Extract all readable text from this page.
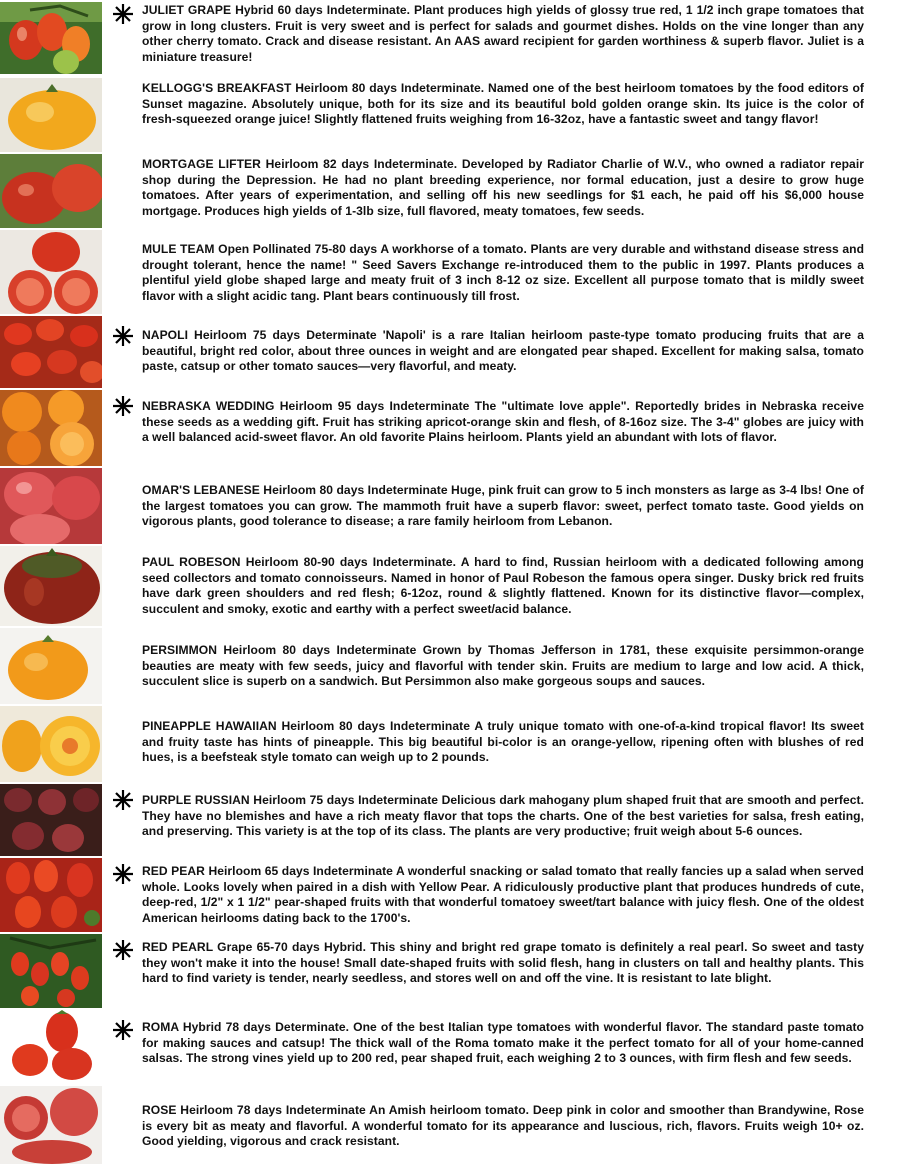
JULIET GRAPE Hybrid 60 days Indeterminate. Plant produces high yields of glossy true red, 1 1/2 inch grape tomatoes that grow in long clusters. Fruit is very sweet and is perfect for salads and gourmet dishes. Holds on the vine longer than any other cherry tomato. Crack and disease resistant. An AAS award recipient for garden worthiness & superb flavor. Juliet is a miniature treasure!

KELLOGG'S BREAKFAST Heirloom 80 days Indeterminate. Named one of the best heirloom tomatoes by the food editors of Sunset magazine. Absolutely unique, both for its size and its beautiful bold golden orange skin. Its juice is the color of fresh-squeezed orange juice! Slightly flattened fruits weighing from 16-32oz, have a fantastic sweet and tangy flavor!

MORTGAGE LIFTER Heirloom 82 days Indeterminate. Developed by Radiator Charlie of W.V., who owned a radiator repair shop during the Depression. He had no plant breeding experience, nor formal education, just a desire to grow huge tomatoes. After years of experimentation, and selling off his new seedlings for $1 each, he paid off his $6,000 house mortgage. Produces high yields of 1-3lb size, full flavored, meaty tomatoes, few seeds.

MULE TEAM Open Pollinated 75-80 days A workhorse of a tomato. Plants are very durable and withstand disease stress and drought tolerant, hence the name! " Seed Savers Exchange re-introduced them to the public in 1997. Plants produces a plentiful yield globe shaped large and meaty fruit of 3 inch 8-12 oz size. Excellent all purpose tomato that is mildly sweet flavor with a slight acidic tang. Plant bears continuously till frost.

NAPOLI Heirloom 75 days Determinate 'Napoli' is a rare Italian heirloom paste-type tomato producing fruits that are a beautiful, bright red color, about three ounces in weight and are elongated pear shaped. Excellent for making salsa, tomato paste, catsup or other tomato sauces—very flavorful, and meaty.

NEBRASKA WEDDING Heirloom 95 days Indeterminate The "ultimate love apple". Reportedly brides in Nebraska receive these seeds as a wedding gift. Fruit has striking apricot-orange skin and flesh, of 8-16oz size. The 3-4" globes are juicy with a well balanced acid-sweet flavor. An old favorite Plains heirloom. Plants yield an abundant with lots of flavor.

OMAR'S LEBANESE Heirloom 80 days Indeterminate Huge, pink fruit can grow to 5 inch monsters as large as 3-4 lbs! One of the largest tomatoes you can grow. The mammoth fruit have a superb flavor: sweet, perfect tomato taste. Good yields on vigorous plants, good tolerance to disease; a rare family heirloom from Lebanon.

PAUL ROBESON Heirloom 80-90 days Indeterminate. A hard to find, Russian heirloom with a dedicated following among seed collectors and tomato connoisseurs. Named in honor of Paul Robeson the famous opera singer. Dusky brick red fruits have dark green shoulders and red flesh; 6-12oz, round & slightly flattened. Known for its distinctive flavor—complex, succulent and smoky, exotic and earthy with a perfect sweet/acid balance.

PERSIMMON Heirloom 80 days Indeterminate Grown by Thomas Jefferson in 1781, these exquisite persimmon-orange beauties are meaty with few seeds, juicy and flavorful with tender skin. Fruits are medium to large and low acid. A thick, succulent slice is superb on a sandwich. But Persimmon also make gorgeous soups and sauces.

PINEAPPLE HAWAIIAN Heirloom 80 days Indeterminate A truly unique tomato with one-of-a-kind tropical flavor! Its sweet and fruity taste has hints of pineapple. This big beautiful bi-color is an orange-yellow, ripening often with blushes of red hues, is a beefsteak style tomato can weigh up to 2 pounds.

PURPLE RUSSIAN Heirloom 75 days Indeterminate Delicious dark mahogany plum shaped fruit that are smooth and perfect. They have no blemishes and have a rich meaty flavor that tops the charts. One of the best varieties for salsa, fresh eating, and preserving. This variety is at the top of its class. The plants are very productive; fruit weigh about 5-6 ounces.

RED PEAR Heirloom 65 days Indeterminate A wonderful snacking or salad tomato that really fancies up a salad when served whole. Looks lovely when paired in a dish with Yellow Pear. A ridiculously productive plant that produces hundreds of cute, deep-red, 1/2" x 1 1/2" pear-shaped fruits with that wonderful tomatoey sweet/tart balance with juicy flesh. One of the oldest American heirlooms dating back to the 1700's.

RED PEARL Grape 65-70 days Hybrid. This shiny and bright red grape tomato is definitely a real pearl. So sweet and tasty they won't make it into the house! Small date-shaped fruits with solid flesh, hang in clusters on tall and healthy plants. This hard to find variety is tender, nearly seedless, and stores well on and off the vine. It is resistant to late blight.

ROMA Hybrid 78 days Determinate. One of the best Italian type tomatoes with wonderful flavor. The standard paste tomato for making sauces and catsup! The thick wall of the Roma tomato make it the perfect tomato for all of your home-canned salsas. The strong vines yield up to 200 red, pear shaped fruit, each weighing 2 to 3 ounces, with firm flesh and few seeds.

ROSE Heirloom 78 days Indeterminate An Amish heirloom tomato. Deep pink in color and smoother than Brandywine, Rose is every bit as meaty and flavorful. A wonderful tomato for its appearance and luscious, rich, flavors. Fruits weigh 10+ oz. Good yielding, vigorous and crack resistant.
